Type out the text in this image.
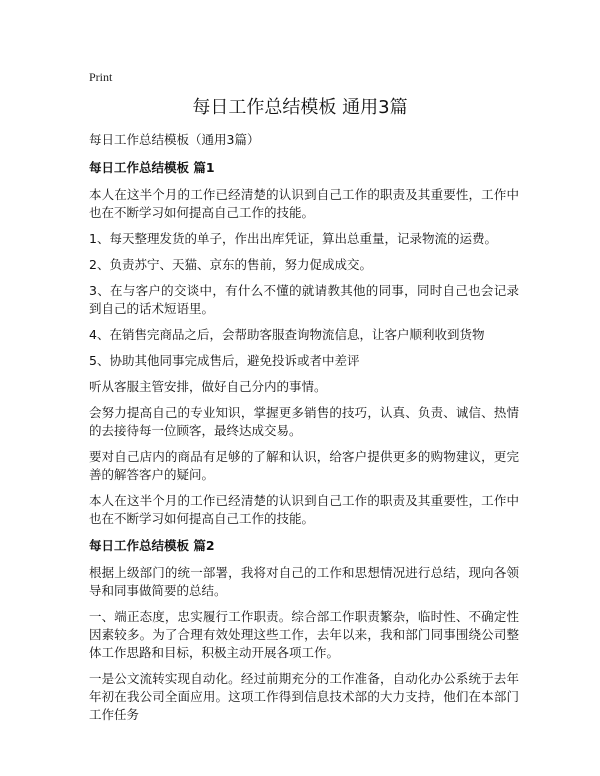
Print
每日工作总结模板 通用3篇

每日工作总结模板（通用3篇）

每日工作总结模板 篇1

本人在这半个月的工作已经清楚的认识到自己工作的职责及其重要性，工作中也在不断学习如何提高自己工作的技能。

1、每天整理发货的单子，作出出库凭证，算出总重量，记录物流的运费。

2、负责苏宁、天猫、京东的售前，努力促成成交。

3、在与客户的交谈中，有什么不懂的就请教其他的同事，同时自己也会记录到自己的话术短语里。

4、在销售完商品之后，会帮助客服查询物流信息，让客户顺利收到货物

5、协助其他同事完成售后，避免投诉或者中差评

听从客服主管安排，做好自己分内的事情。

会努力提高自己的专业知识，掌握更多销售的技巧，认真、负责、诚信、热情的去接待每一位顾客，最终达成交易。

要对自己店内的商品有足够的了解和认识，给客户提供更多的购物建议，更完善的解答客户的疑问。

本人在这半个月的工作已经清楚的认识到自己工作的职责及其重要性，工作中也在不断学习如何提高自己工作的技能。

每日工作总结模板 篇2

根据上级部门的统一部署，我将对自己的工作和思想情况进行总结，现向各领导和同事做简要的总结。

一、端正态度，忠实履行工作职责。综合部工作职责繁杂，临时性、不确定性因素较多。为了合理有效处理这些工作，去年以来，我和部门同事围绕公司整体工作思路和目标，积极主动开展各项工作。

一是公文流转实现自动化。经过前期充分的工作准备，自动化办公系统于去年年初在我公司全面应用。这项工作得到信息技术部的大力支持，他们在本部门工作任务
